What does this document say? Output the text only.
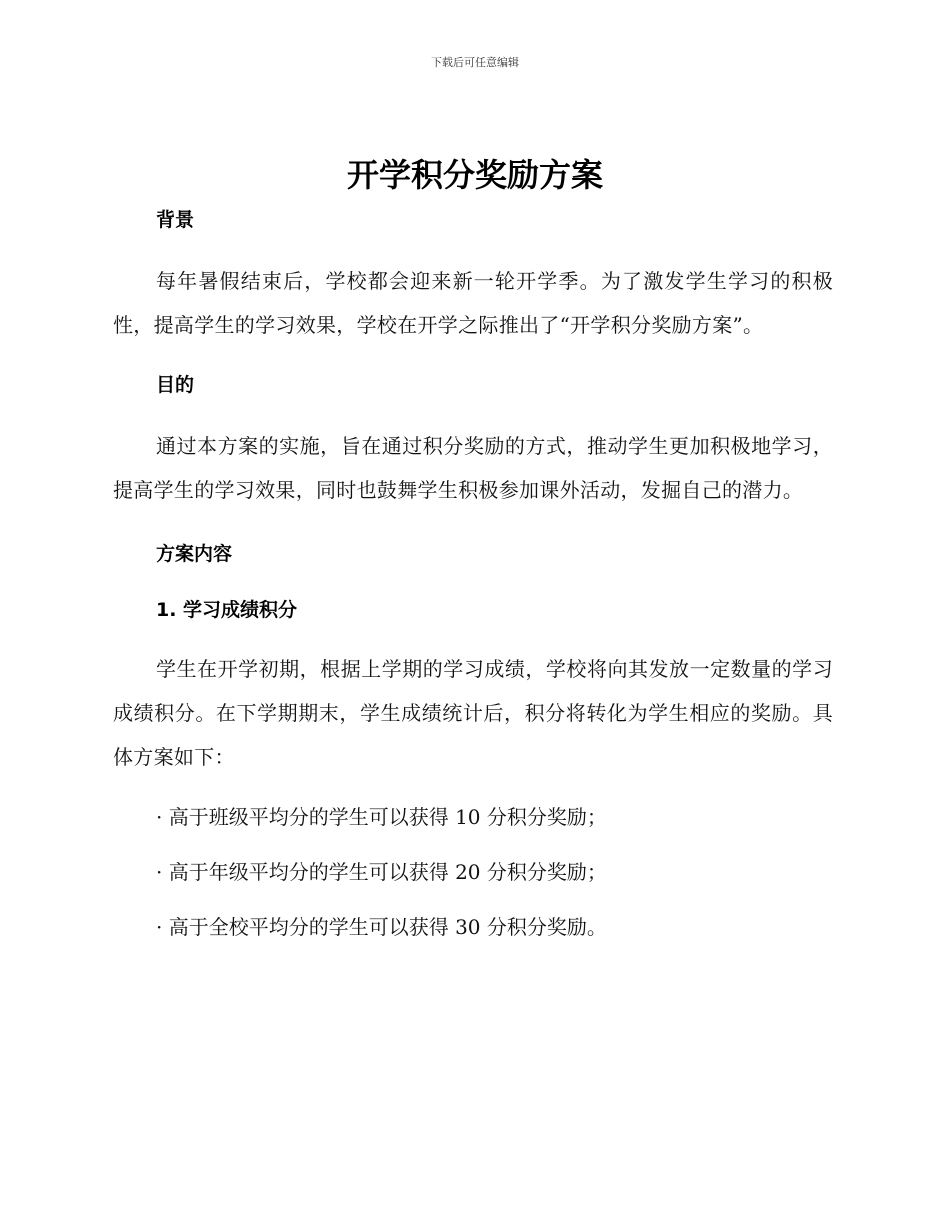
下载后可任意编辑
开学积分奖励方案
背景

每年暑假结束后，学校都会迎来新一轮开学季。为了激发学生学习的积极性，提高学生的学习效果，学校在开学之际推出了“开学积分奖励方案”。

目的

通过本方案的实施，旨在通过积分奖励的方式，推动学生更加积极地学习，提高学生的学习效果，同时也鼓舞学生积极参加课外活动，发掘自己的潜力。

方案内容
1. 学习成绩积分

学生在开学初期，根据上学期的学习成绩，学校将向其发放一定数量的学习成绩积分。在下学期期末，学生成绩统计后，积分将转化为学生相应的奖励。具体方案如下：

· 高于班级平均分的学生可以获得 10 分积分奖励；

· 高于年级平均分的学生可以获得 20 分积分奖励；

· 高于全校平均分的学生可以获得 30 分积分奖励。
